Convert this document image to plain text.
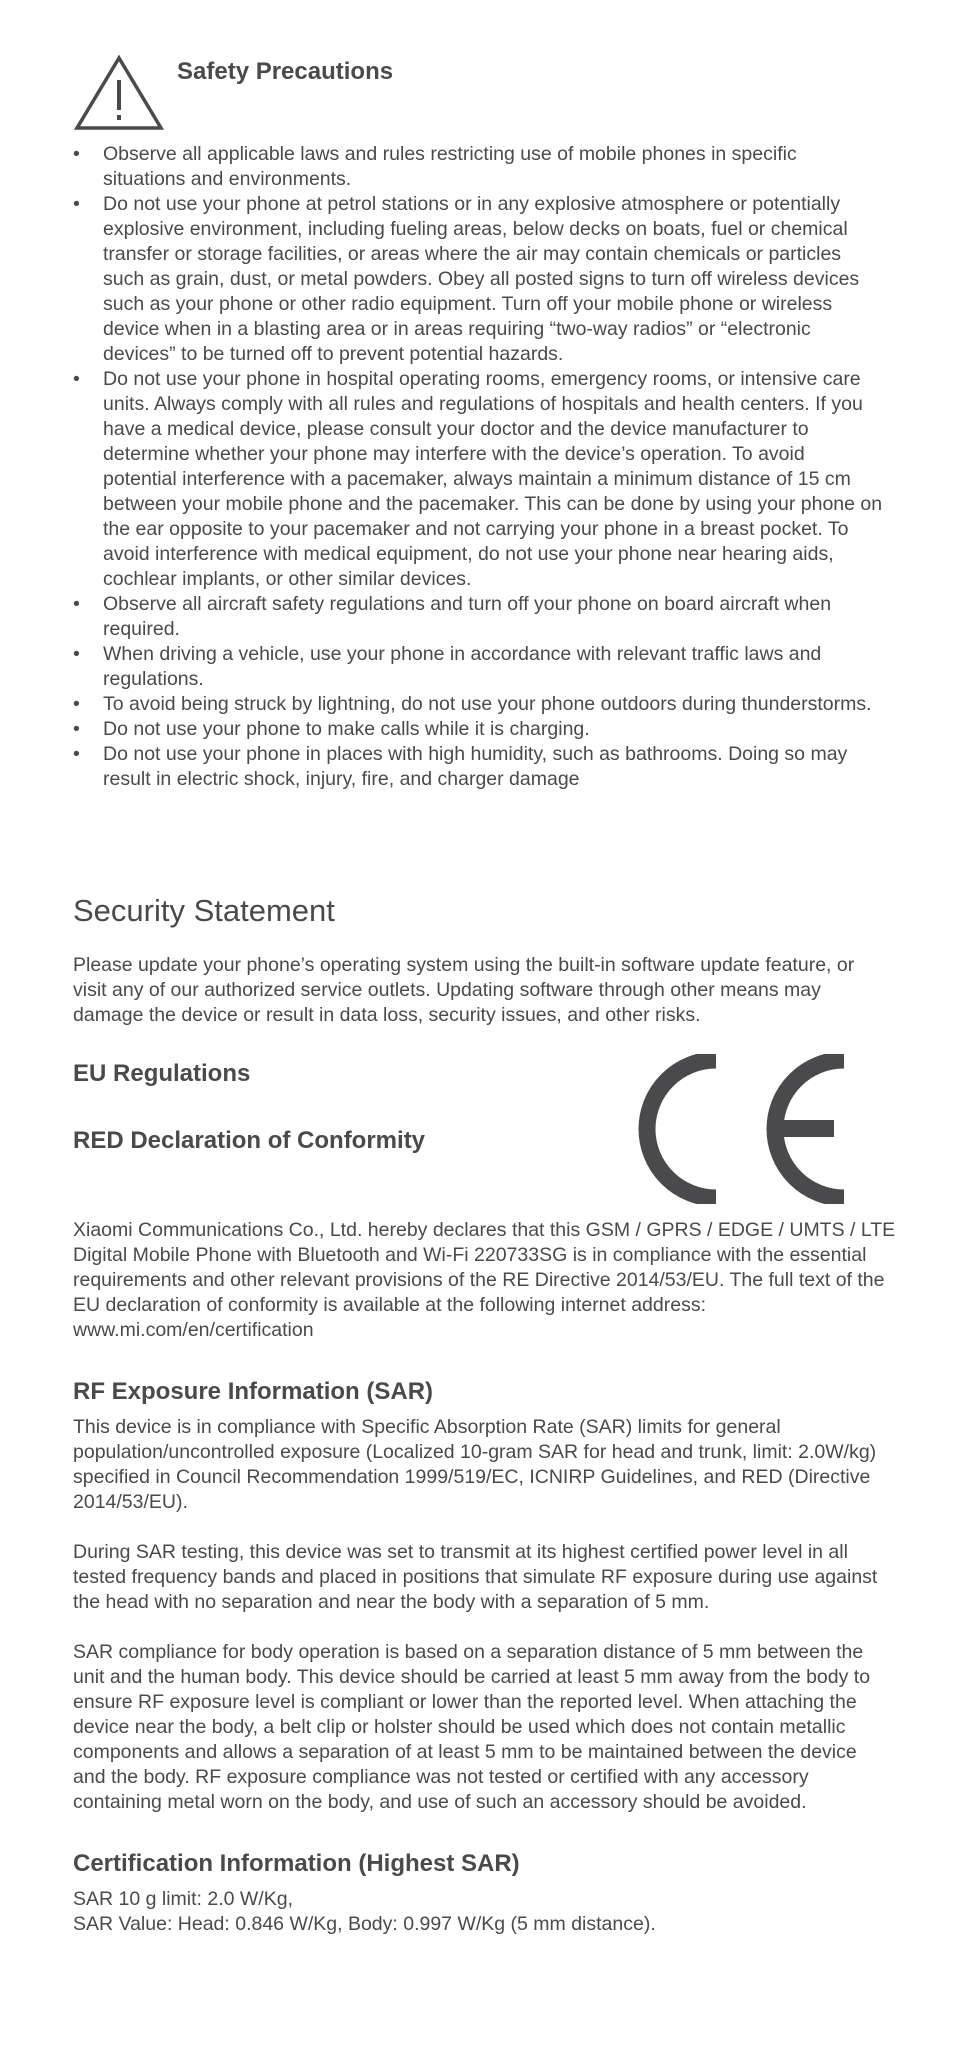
Safety Precautions
• Observe all applicable laws and rules restricting use of mobile phones in specific situations and environments.
• Do not use your phone at petrol stations or in any explosive atmosphere or potentially explosive environment, including fueling areas, below decks on boats, fuel or chemical transfer or storage facilities, or areas where the air may contain chemicals or particles such as grain, dust, or metal powders. Obey all posted signs to turn off wireless devices such as your phone or other radio equipment. Turn off your mobile phone or wireless device when in a blasting area or in areas requiring “two-way radios” or “electronic devices” to be turned off to prevent potential hazards.
• Do not use your phone in hospital operating rooms, emergency rooms, or intensive care units. Always comply with all rules and regulations of hospitals and health centers. If you have a medical device, please consult your doctor and the device manufacturer to determine whether your phone may interfere with the device’s operation. To avoid potential interference with a pacemaker, always maintain a minimum distance of 15 cm between your mobile phone and the pacemaker. This can be done by using your phone on the ear opposite to your pacemaker and not carrying your phone in a breast pocket. To avoid interference with medical equipment, do not use your phone near hearing aids, cochlear implants, or other similar devices.
• Observe all aircraft safety regulations and turn off your phone on board aircraft when required.
• When driving a vehicle, use your phone in accordance with relevant traffic laws and regulations.
• To avoid being struck by lightning, do not use your phone outdoors during thunderstorms.
• Do not use your phone to make calls while it is charging.
• Do not use your phone in places with high humidity, such as bathrooms. Doing so may result in electric shock, injury, fire, and charger damage
Security Statement

Please update your phone’s operating system using the built-in software update feature, or visit any of our authorized service outlets. Updating software through other means may damage the device or result in data loss, security issues, and other risks.

EU Regulations
RED Declaration of Conformity

Xiaomi Communications Co., Ltd. hereby declares that this GSM / GPRS / EDGE / UMTS / LTE Digital Mobile Phone with Bluetooth and Wi-Fi 220733SG is in compliance with the essential requirements and other relevant provisions of the RE Directive 2014/53/EU. The full text of the EU declaration of conformity is available at the following internet address: www.mi.com/en/certification

RF Exposure Information (SAR)

This device is in compliance with Specific Absorption Rate (SAR) limits for general population/uncontrolled exposure (Localized 10-gram SAR for head and trunk, limit: 2.0W/kg) specified in Council Recommendation 1999/519/EC, ICNIRP Guidelines, and RED (Directive 2014/53/EU).

During SAR testing, this device was set to transmit at its highest certified power level in all tested frequency bands and placed in positions that simulate RF exposure during use against the head with no separation and near the body with a separation of 5 mm.

SAR compliance for body operation is based on a separation distance of 5 mm between the unit and the human body. This device should be carried at least 5 mm away from the body to ensure RF exposure level is compliant or lower than the reported level. When attaching the device near the body, a belt clip or holster should be used which does not contain metallic components and allows a separation of at least 5 mm to be maintained between the device and the body. RF exposure compliance was not tested or certified with any accessory containing metal worn on the body, and use of such an accessory should be avoided.

Certification Information (Highest SAR)

SAR 10 g limit: 2.0 W/Kg,

SAR Value: Head: 0.846 W/Kg, Body: 0.997 W/Kg (5 mm distance).
